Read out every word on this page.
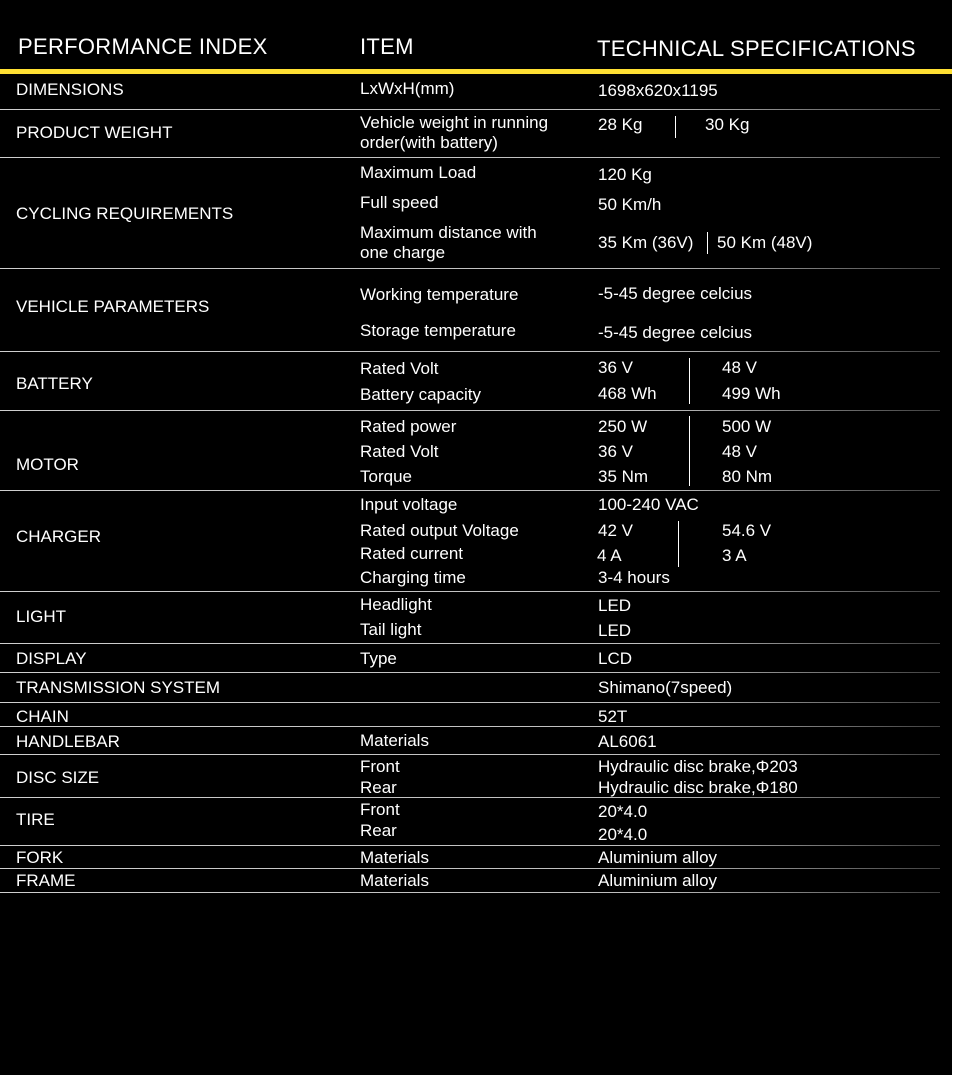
PERFORMANCE INDEX	ITEM	TECHNICAL SPECIFICATIONS
DIMENSIONS	LxWxH(mm)	1698x620x1195
PRODUCT WEIGHT
Vehicle weight in running
order(with battery)
28 Kg	30 Kg
CYCLING REQUIREMENTS
Maximum Load	120 Kg
Full speed	50 Km/h
Maximum distance with
one charge
35 Km (36V) 50 Km (48V)
VEHICLE PARAMETERS
Working temperature	-5-45 degree celcius
Storage temperature	-5-45 degree celcius
BATTERY
Rated Volt	36 V	48 V
Battery capacity	468 Wh	499 Wh
MOTOR
Rated power	250 W	500 W
Rated Volt	36 V	48 V
Torque	35 Nm	80 Nm
CHARGER
Input voltage	100-240 VAC
Rated output Voltage	42 V	54.6 V
Rated current	4 A	3 A
Charging time	3-4 hours
LIGHT
Headlight	LED
Tail light	LED
DISPLAY	Type	LCD
TRANSMISSION SYSTEM	Shimano(7speed)
CHAIN	52T
HANDLEBAR	Materials	AL6061
DISC SIZE
Front	Hydraulic disc brake,Φ203
Rear	Hydraulic disc brake,Φ180
TIRE
Front	20*4.0
Rear	20*4.0
FORK	Materials	Aluminium alloy
FRAME	Materials	Aluminium alloy
